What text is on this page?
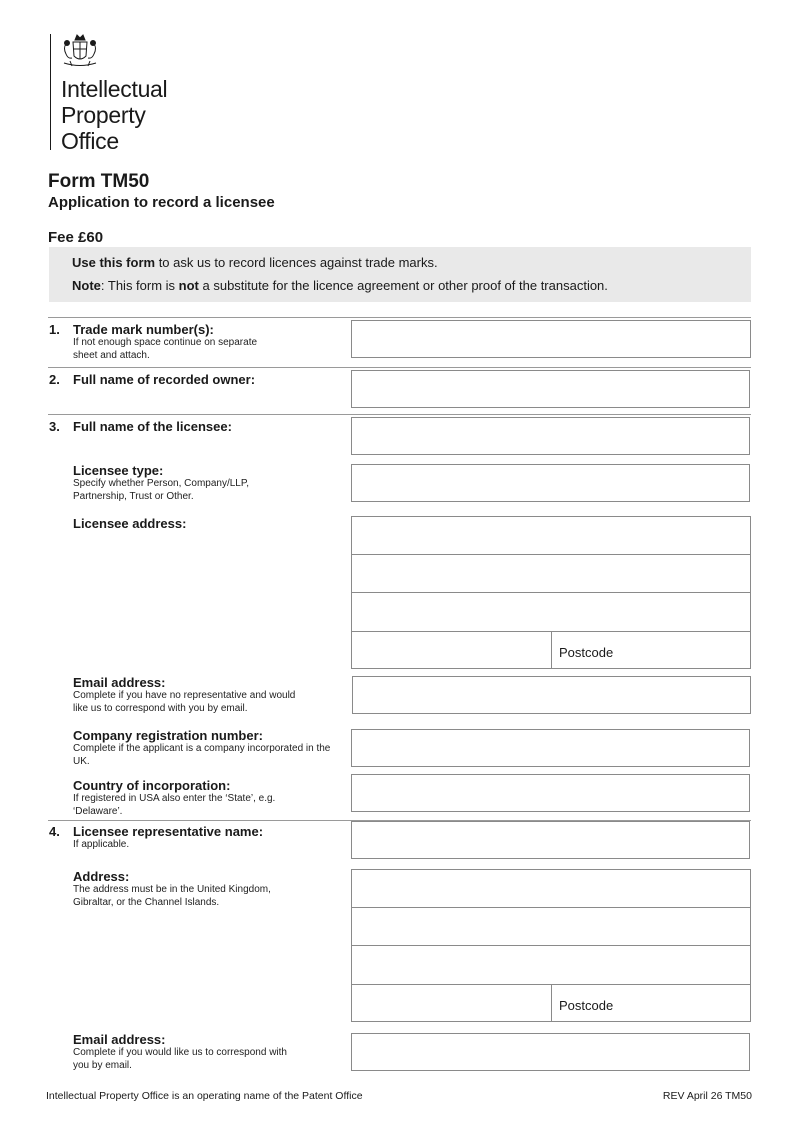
Intellectual
Property
Office
Form TM50
Application to record a licensee
Fee £60
Use this form to ask us to record licences against trade marks.
Note: This form is not a substitute for the licence agreement or other proof of the transaction.
1. Trade mark number(s):
If not enough space continue on separate sheet and attach.
2. Full name of recorded owner:
3. Full name of the licensee:
Licensee type:
Specify whether Person, Company/LLP, Partnership, Trust or Other.
Licensee address:
Postcode
Email address:
Complete if you have no representative and would like us to correspond with you by email.
Company registration number:
Complete if the applicant is a company incorporated in the UK.
Country of incorporation:
If registered in USA also enter the ‘State’, e.g. ‘Delaware’.
4. Licensee representative name:
If applicable.
Address:
The address must be in the United Kingdom, Gibraltar, or the Channel Islands.
Postcode
Email address:
Complete if you would like us to correspond with you by email.
Intellectual Property Office is an operating name of the Patent Office	REV April 26 TM50
